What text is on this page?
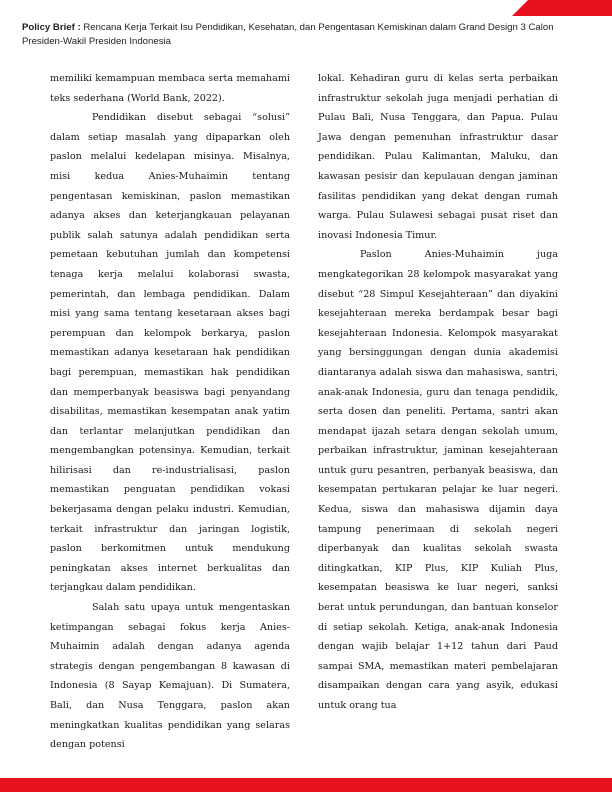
Policy Brief : Rencana Kerja Terkait Isu Pendidikan, Kesehatan, dan Pengentasan Kemiskinan dalam Grand Design 3 Calon Presiden-Wakil Presiden Indonesia

memiliki kemampuan membaca serta memahami teks sederhana (World Bank, 2022).

Pendidikan disebut sebagai “solusi” dalam setiap masalah yang dipaparkan oleh paslon melalui kedelapan misinya. Misalnya, misi kedua Anies-Muhaimin tentang pengentasan kemiskinan, paslon memastikan adanya akses dan keterjangkauan pelayanan publik salah satunya adalah pendidikan serta pemetaan kebutuhan jumlah dan kompetensi tenaga kerja melalui kolaborasi swasta, pemerintah, dan lembaga pendidikan. Dalam misi yang sama tentang kesetaraan akses bagi perempuan dan kelompok berkarya, paslon memastikan adanya kesetaraan hak pendidikan bagi perempuan, memastikan hak pendidikan dan memperbanyak beasiswa bagi penyandang disabilitas, memastikan kesempatan anak yatim dan terlantar melanjutkan pendidikan dan mengembangkan potensinya. Kemudian, terkait hilirisasi dan re-industrialisasi, paslon memastikan penguatan pendidikan vokasi bekerjasama dengan pelaku industri. Kemudian, terkait infrastruktur dan jaringan logistik, paslon berkomitmen untuk mendukung peningkatan akses internet berkualitas dan terjangkau dalam pendidikan.

Salah satu upaya untuk mengentaskan ketimpangan sebagai fokus kerja Anies-Muhaimin adalah dengan adanya agenda strategis dengan pengembangan 8 kawasan di Indonesia (8 Sayap Kemajuan). Di Sumatera, Bali, dan Nusa Tenggara, paslon akan meningkatkan kualitas pendidikan yang selaras dengan potensi

lokal. Kehadiran guru di kelas serta perbaikan infrastruktur sekolah juga menjadi perhatian di Pulau Bali, Nusa Tenggara, dan Papua. Pulau Jawa dengan pemenuhan infrastruktur dasar pendidikan. Pulau Kalimantan, Maluku, dan kawasan pesisir dan kepulauan dengan jaminan fasilitas pendidikan yang dekat dengan rumah warga. Pulau Sulawesi sebagai pusat riset dan inovasi Indonesia Timur.

Paslon Anies-Muhaimin juga mengkategorikan 28 kelompok masyarakat yang disebut “28 Simpul Kesejahteraan” dan diyakini kesejahteraan mereka berdampak besar bagi kesejahteraan Indonesia. Kelompok masyarakat yang bersinggungan dengan dunia akademisi diantaranya adalah siswa dan mahasiswa, santri, anak-anak Indonesia, guru dan tenaga pendidik, serta dosen dan peneliti. Pertama, santri akan mendapat ijazah setara dengan sekolah umum, perbaikan infrastruktur, jaminan kesejahteraan untuk guru pesantren, perbanyak beasiswa, dan kesempatan pertukaran pelajar ke luar negeri. Kedua, siswa dan mahasiswa dijamin daya tampung penerimaan di sekolah negeri diperbanyak dan kualitas sekolah swasta ditingkatkan, KIP Plus, KIP Kuliah Plus, kesempatan beasiswa ke luar negeri, sanksi berat untuk perundungan, dan bantuan konselor di setiap sekolah. Ketiga, anak-anak Indonesia dengan wajib belajar 1+12 tahun dari Paud sampai SMA, memastikan materi pembelajaran disampaikan dengan cara yang asyik, edukasi untuk orang tua
